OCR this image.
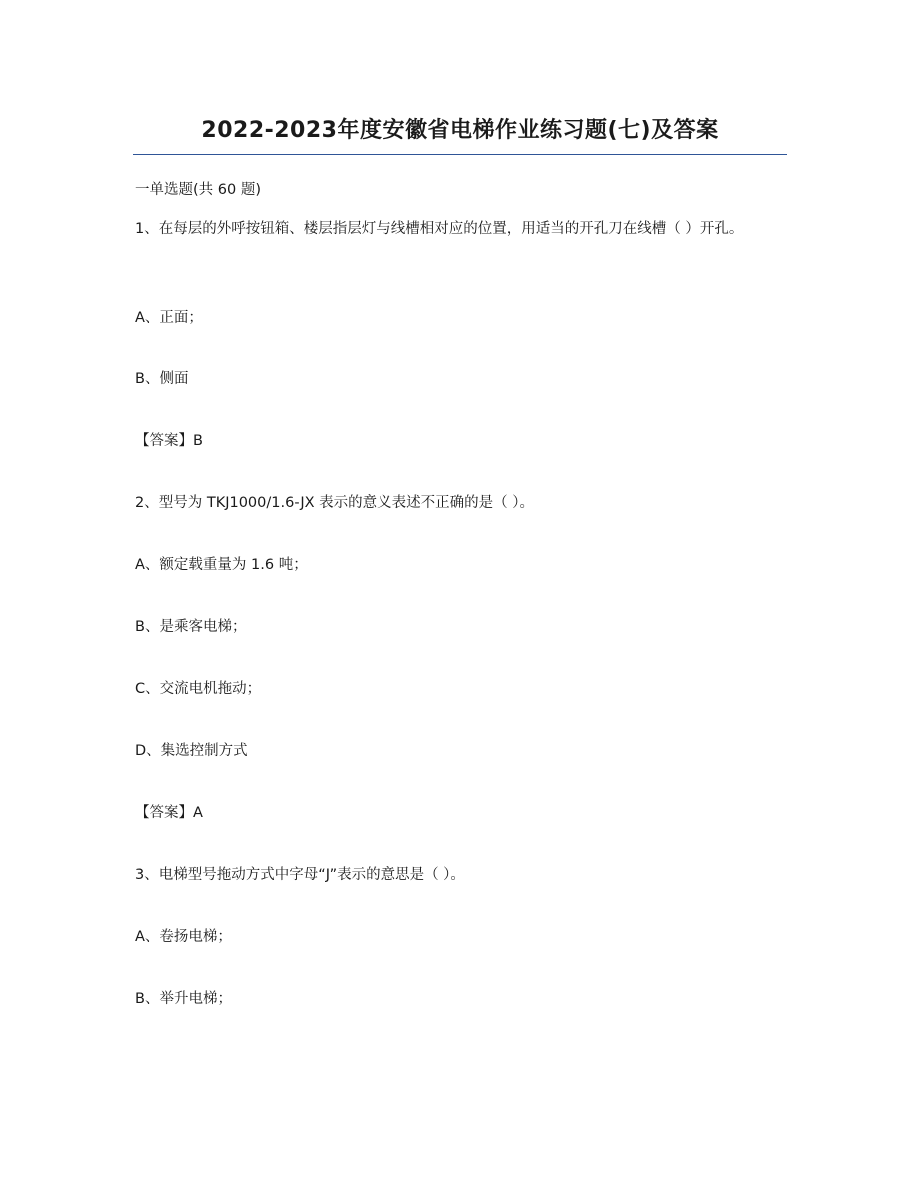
2022-2023年度安徽省电梯作业练习题(七)及答案
一单选题(共 60 题)
1、在每层的外呼按钮箱、楼层指层灯与线槽相对应的位置，用适当的开孔刀在线槽（ ）开孔。
A、正面；
B、侧面
【答案】B
2、型号为 TKJ1000/1.6-JX 表示的意义表述不正确的是（ ）。
A、额定载重量为 1.6 吨；
B、是乘客电梯；
C、交流电机拖动；
D、集选控制方式
【答案】A
3、电梯型号拖动方式中字母“J”表示的意思是（ ）。
A、卷扬电梯；
B、举升电梯；
